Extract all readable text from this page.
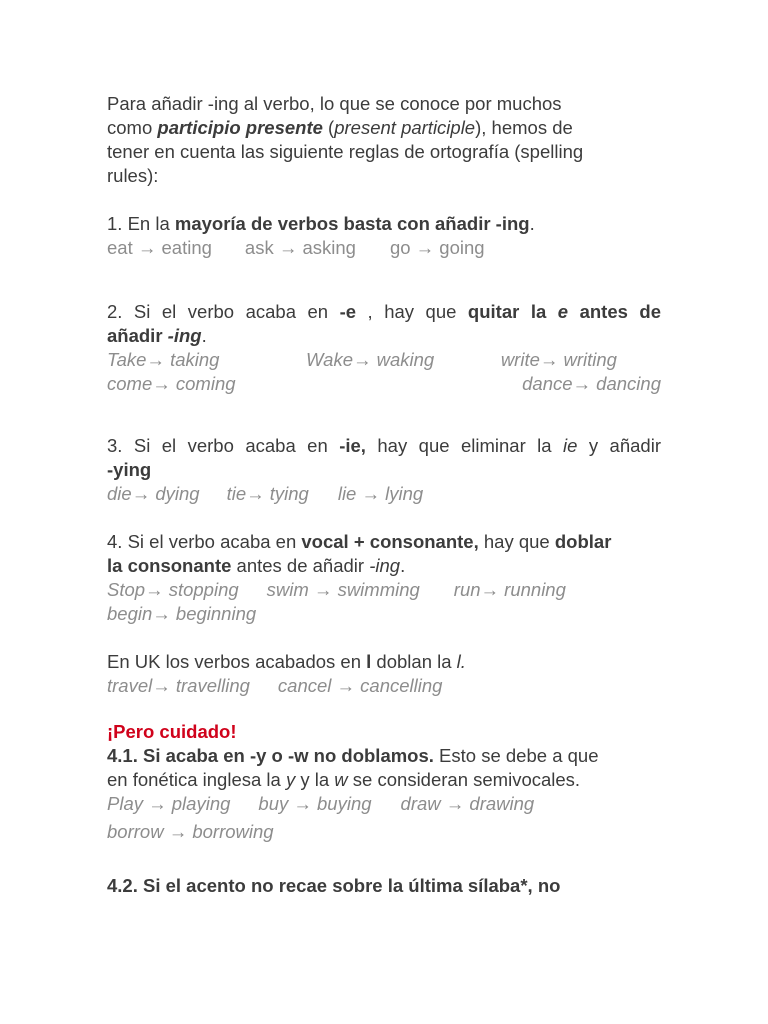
Para añadir -ing al verbo, lo que se conoce por muchos

como participio presente (present participle), hemos de

tener en cuenta las siguiente reglas de ortografía (spelling

rules):

1. En la mayoría de verbos basta con añadir -ing.

eat → eating ask → asking go → going

2. Si el verbo acaba en -e , hay que quitar la e antes de

añadir -ing.

Take→ taking	Wake→ waking	write→ writing
come→ coming	dance→ dancing

3. Si el verbo acaba en -ie, hay que eliminar la ie y añadir

-ying

die→ dying tie→ tying lie → lying

4. Si el verbo acaba en vocal + consonante, hay que doblar

la consonante antes de añadir -ing.

Stop→ stopping swim → swimming run→ running
begin→ beginning

En UK los verbos acabados en l doblan la l.

travel→ travelling cancel → cancelling

¡Pero cuidado!

4.1. Si acaba en -y o -w no doblamos. Esto se debe a que

en fonética inglesa la y y la w se consideran semivocales.

Play → playing buy → buying draw → drawing
borrow → borrowing

4.2. Si el acento no recae sobre la última sílaba*, no
